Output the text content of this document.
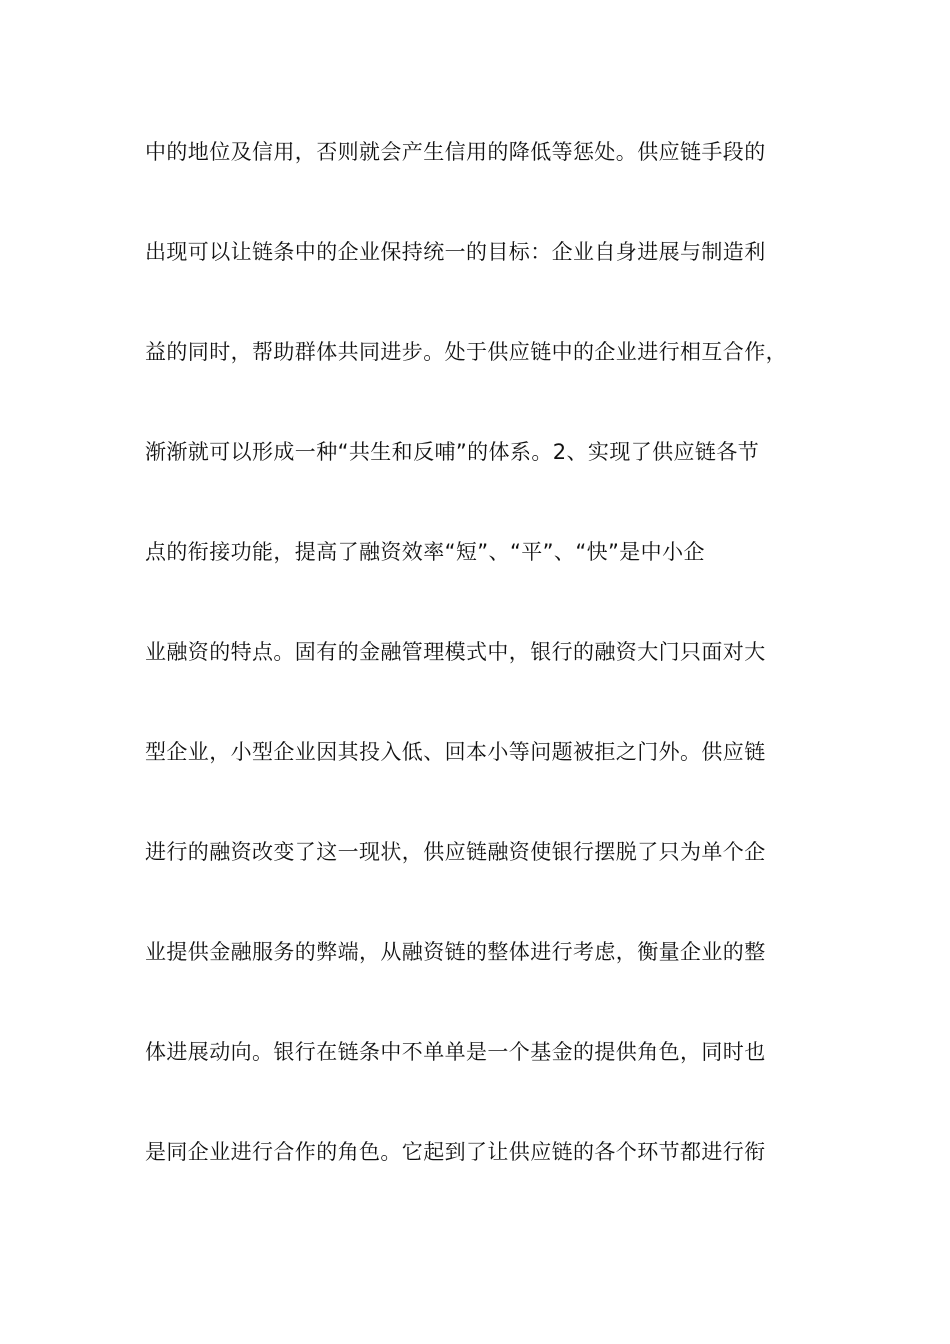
中的地位及信用，否则就会产生信用的降低等惩处。供应链手段的
出现可以让链条中的企业保持统一的目标：企业自身进展与制造利
益的同时，帮助群体共同进步。处于供应链中的企业进行相互合作，
渐渐就可以形成一种“共生和反哺”的体系。2、实现了供应链各节
点的衔接功能，提高了融资效率“短”、“平”、“快”是中小企
业融资的特点。固有的金融管理模式中，银行的融资大门只面对大
型企业，小型企业因其投入低、回本小等问题被拒之门外。供应链
进行的融资改变了这一现状，供应链融资使银行摆脱了只为单个企
业提供金融服务的弊端，从融资链的整体进行考虑，衡量企业的整
体进展动向。银行在链条中不单单是一个基金的提供角色，同时也
是同企业进行合作的角色。它起到了让供应链的各个环节都进行衔
